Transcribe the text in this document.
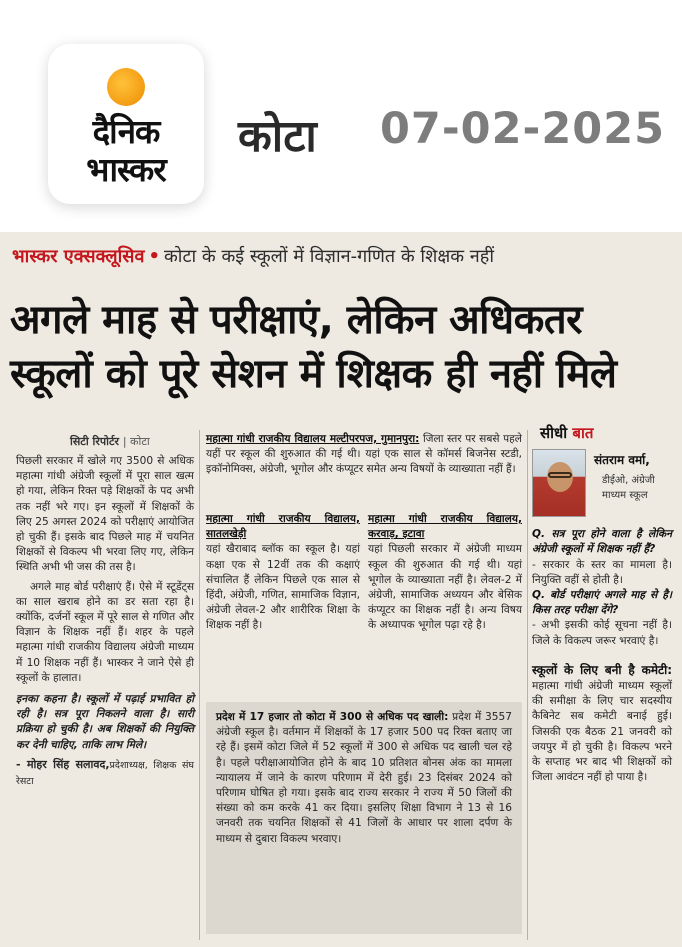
दैनिक
भास्कर
कोटा 07-02-2025
भास्कर एक्सक्लूसिव • कोटा के कई स्कूलों में विज्ञान-गणित के शिक्षक नहीं
अगले माह से परीक्षाएं, लेकिन अधिकतर
स्कूलों को पूरे सेशन में शिक्षक ही नहीं मिले
सिटी रिपोर्टर | कोटा

पिछली सरकार में खोले गए 3500 से अधिक महात्मा गांधी अंग्रेजी स्कूलों में पूरा साल खत्म हो गया, लेकिन रिक्त पड़े शिक्षकों के पद अभी तक नहीं भरे गए। इन स्कूलों में शिक्षकों के लिए 25 अगस्त 2024 को परीक्षाएं आयोजित हो चुकी हैं। इसके बाद पिछले माह में चयनित शिक्षकों से विकल्प भी भरवा लिए गए, लेकिन स्थिति अभी भी जस की तस है।

अगले माह बोर्ड परीक्षाएं हैं। ऐसे में स्टूडेंट्स का साल खराब होने का डर सता रहा है। क्योंकि, दर्जनों स्कूल में पूरे साल से गणित और विज्ञान के शिक्षक नहीं हैं। शहर के पहले महात्मा गांधी राजकीय विद्यालय अंग्रेजी माध्यम में 10 शिक्षक नहीं हैं। भास्कर ने जाने ऐसे ही स्कूलों के हालात।

इनका कहना है। स्कूलों में पढ़ाई प्रभावित हो रही है। सत्र पूरा निकलने वाला है। सारी प्रक्रिया हो चुकी है। अब शिक्षकों की नियुक्ति कर देनी चाहिए, ताकि लाभ मिले।

- मोहर सिंह सलावद,प्रदेशाध्यक्ष, शिक्षक संघ रेसटा
महात्मा गांधी राजकीय विद्यालय मल्टीपरपज, गुमानपुरा: जिला स्तर पर सबसे पहले यहीं पर स्कूल की शुरुआत की गई थी। यहां एक साल से कॉमर्स बिजनेस स्टडी, इकॉनोमिक्स, अंग्रेजी, भूगोल और कंप्यूटर समेत अन्य विषयों के व्याख्याता नहीं हैं।
महात्मा गांधी राजकीय विद्यालय, सातलखेड़ी
यहां खैराबाद ब्लॉक का स्कूल है। यहां कक्षा एक से 12वीं तक की कक्षाएं संचालित हैं लेकिन पिछले एक साल से हिंदी, अंग्रेजी, गणित, सामाजिक विज्ञान, अंग्रेजी लेवल-2 और शारीरिक शिक्षा के शिक्षक नहीं है।
महात्मा गांधी राजकीय विद्यालय, करवाड़, इटावा
यहां पिछली सरकार में अंग्रेजी माध्यम स्कूल की शुरुआत की गई थी। यहां भूगोल के व्याख्याता नहीं है। लेवल-2 में अंग्रेजी, सामाजिक अध्ययन और बेसिक कंप्यूटर का शिक्षक नहीं है। अन्य विषय के अध्यापक भूगोल पढ़ा रहे है।
प्रदेश में 17 हजार तो कोटा में 300 से अधिक पद खाली: प्रदेश में 3557 अंग्रेजी स्कूल है। वर्तमान में शिक्षकों के 17 हजार 500 पद रिक्त बताए जा रहे हैं। इसमें कोटा जिले में 52 स्कूलों में 300 से अधिक पद खाली चल रहे है। पहले परीक्षाआयोजित होने के बाद 10 प्रतिशत बोनस अंक का मामला न्यायालय में जाने के कारण परिणाम में देरी हुई। 23 दिसंबर 2024 को परिणाम घोषित हो गया। इसके बाद राज्य सरकार ने राज्य में 50 जिलों की संख्या को कम करके 41 कर दिया। इसलिए शिक्षा विभाग ने 13 से 16 जनवरी तक चयनित शिक्षकों से 41 जिलों के आधार पर शाला दर्पण के माध्यम से दुबारा विकल्प भरवाए।
सीधी बात
संतराम वर्मा,
डीईओ, अंग्रेजी
माध्यम स्कूल
Q. सत्र पूरा होने वाला है लेकिन अंग्रेजी स्कूलों में शिक्षक नहीं हैं?
- सरकार के स्तर का मामला है। नियुक्ति वहीं से होती है।
Q. बोर्ड परीक्षाएं अगले माह से है। किस तरह परीक्षा देंगे?
- अभी इसकी कोई सूचना नहीं है। जिले के विकल्प जरूर भरवाएं है।
स्कूलों के लिए बनी है कमेटी: महात्मा गांधी अंग्रेजी माध्यम स्कूलों की समीक्षा के लिए चार सदस्यीय कैबिनेट सब कमेटी बनाई हुई। जिसकी एक बैठक 21 जनवरी को जयपुर में हो चुकी है। विकल्प भरने के सप्ताह भर बाद भी शिक्षकों को जिला आवंटन नहीं हो पाया है।
